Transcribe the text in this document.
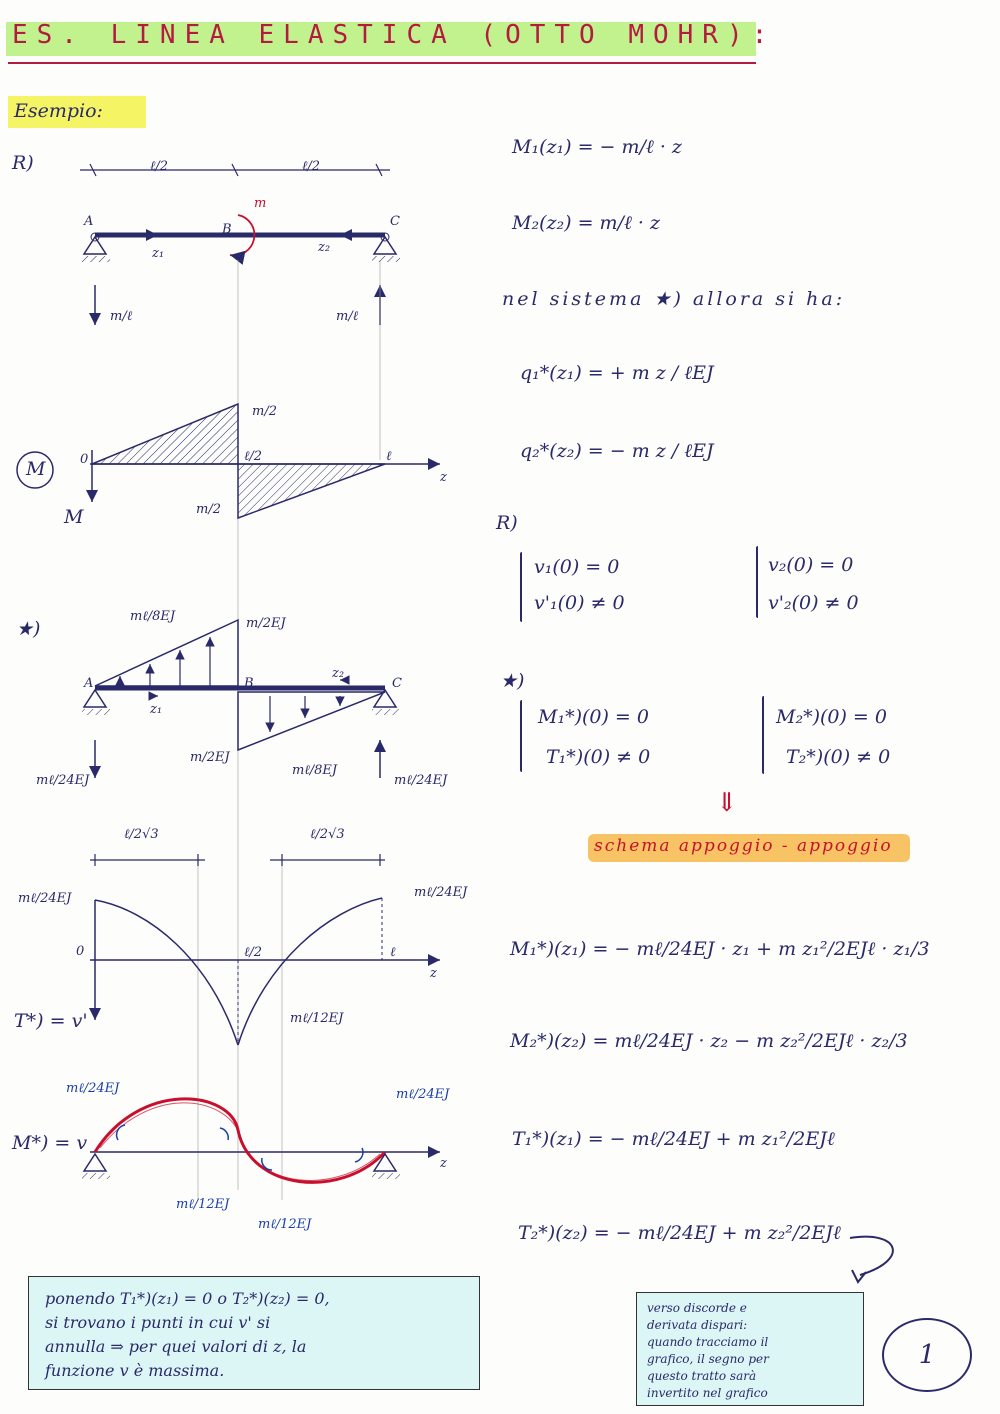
ES. LINEA ELASTICA (OTTO MOHR):
Esempio:
R)	ℓ/2	ℓ/2
A
B
C
m
z₁	z₂
m/ℓ	m/ℓ
M
M
m/2
m/2
ℓ/2	ℓ
0
z
★)
mℓ/8EJ	m/2EJ
m/2EJ
mℓ/8EJ
mℓ/24EJ	mℓ/24EJ
A	B	C
z₁
z₂
ℓ/2√3	ℓ/2√3
mℓ/24EJ	mℓ/24EJ
mℓ/12EJ
T*) = v'
0	ℓ/2	ℓ
z
M*) = v
mℓ/24EJ	mℓ/24EJ
mℓ/12EJ
mℓ/12EJ
z
M₁(z₁) = − m/ℓ · z
M₂(z₂) = m/ℓ · z
nel sistema ★) allora si ha:
q₁*(z₁) = + m z / ℓEJ
q₂*(z₂) = − m z / ℓEJ
R)
v₁(0) = 0
v'₁(0) ≠ 0
v₂(0) = 0
v'₂(0) ≠ 0
★)
M₁*)(0) = 0
T₁*)(0) ≠ 0
M₂*)(0) = 0
T₂*)(0) ≠ 0
⇓
schema appoggio - appoggio
M₁*)(z₁) = − mℓ/24EJ · z₁ + m z₁²/2EJℓ · z₁/3
M₂*)(z₂) = mℓ/24EJ · z₂ − m z₂²/2EJℓ · z₂/3
T₁*)(z₁) = − mℓ/24EJ + m z₁²/2EJℓ
T₂*)(z₂) = − mℓ/24EJ + m z₂²/2EJℓ
ponendo T₁*)(z₁) = 0 o T₂*)(z₂) = 0,
si trovano i punti in cui v' si
annulla ⇒ per quei valori di z, la
funzione v è massima.
verso discorde e
derivata dispari:
quando tracciamo il
grafico, il segno per
questo tratto sarà
invertito nel grafico
1
